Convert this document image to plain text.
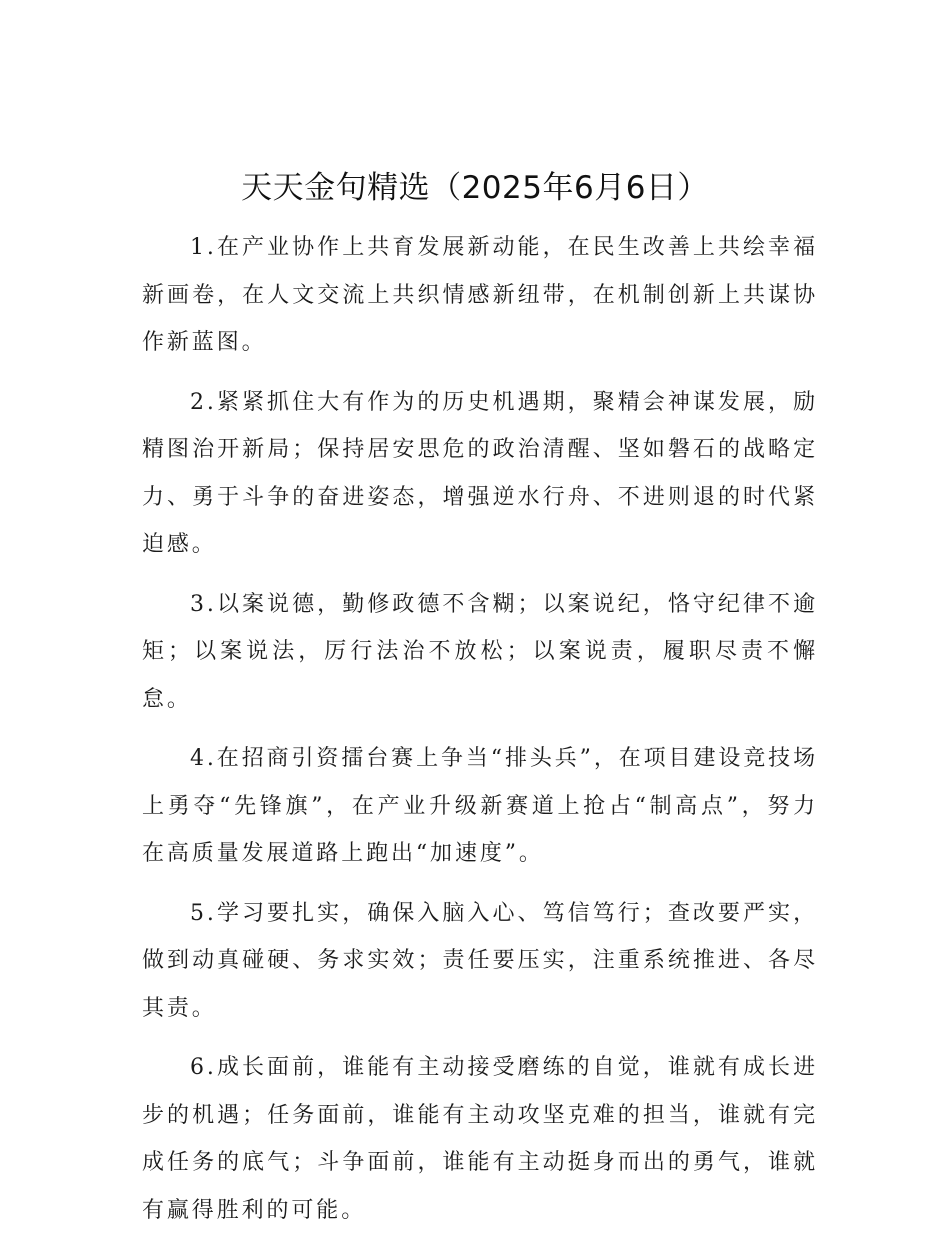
天天金句精选（2025年6月6日）

1.在产业协作上共育发展新动能，在民生改善上共绘幸福新画卷，在人文交流上共织情感新纽带，在机制创新上共谋协作新蓝图。

2.紧紧抓住大有作为的历史机遇期，聚精会神谋发展，励精图治开新局；保持居安思危的政治清醒、坚如磐石的战略定力、勇于斗争的奋进姿态，增强逆水行舟、不进则退的时代紧迫感。

3.以案说德，勤修政德不含糊；以案说纪，恪守纪律不逾矩；以案说法，厉行法治不放松；以案说责，履职尽责不懈怠。

4.在招商引资擂台赛上争当“排头兵”，在项目建设竞技场上勇夺“先锋旗”，在产业升级新赛道上抢占“制高点”，努力在高质量发展道路上跑出“加速度”。

5.学习要扎实，确保入脑入心、笃信笃行；查改要严实，做到动真碰硬、务求实效；责任要压实，注重系统推进、各尽其责。

6.成长面前，谁能有主动接受磨练的自觉，谁就有成长进步的机遇；任务面前，谁能有主动攻坚克难的担当，谁就有完成任务的底气；斗争面前，谁能有主动挺身而出的勇气，谁就有赢得胜利的可能。
